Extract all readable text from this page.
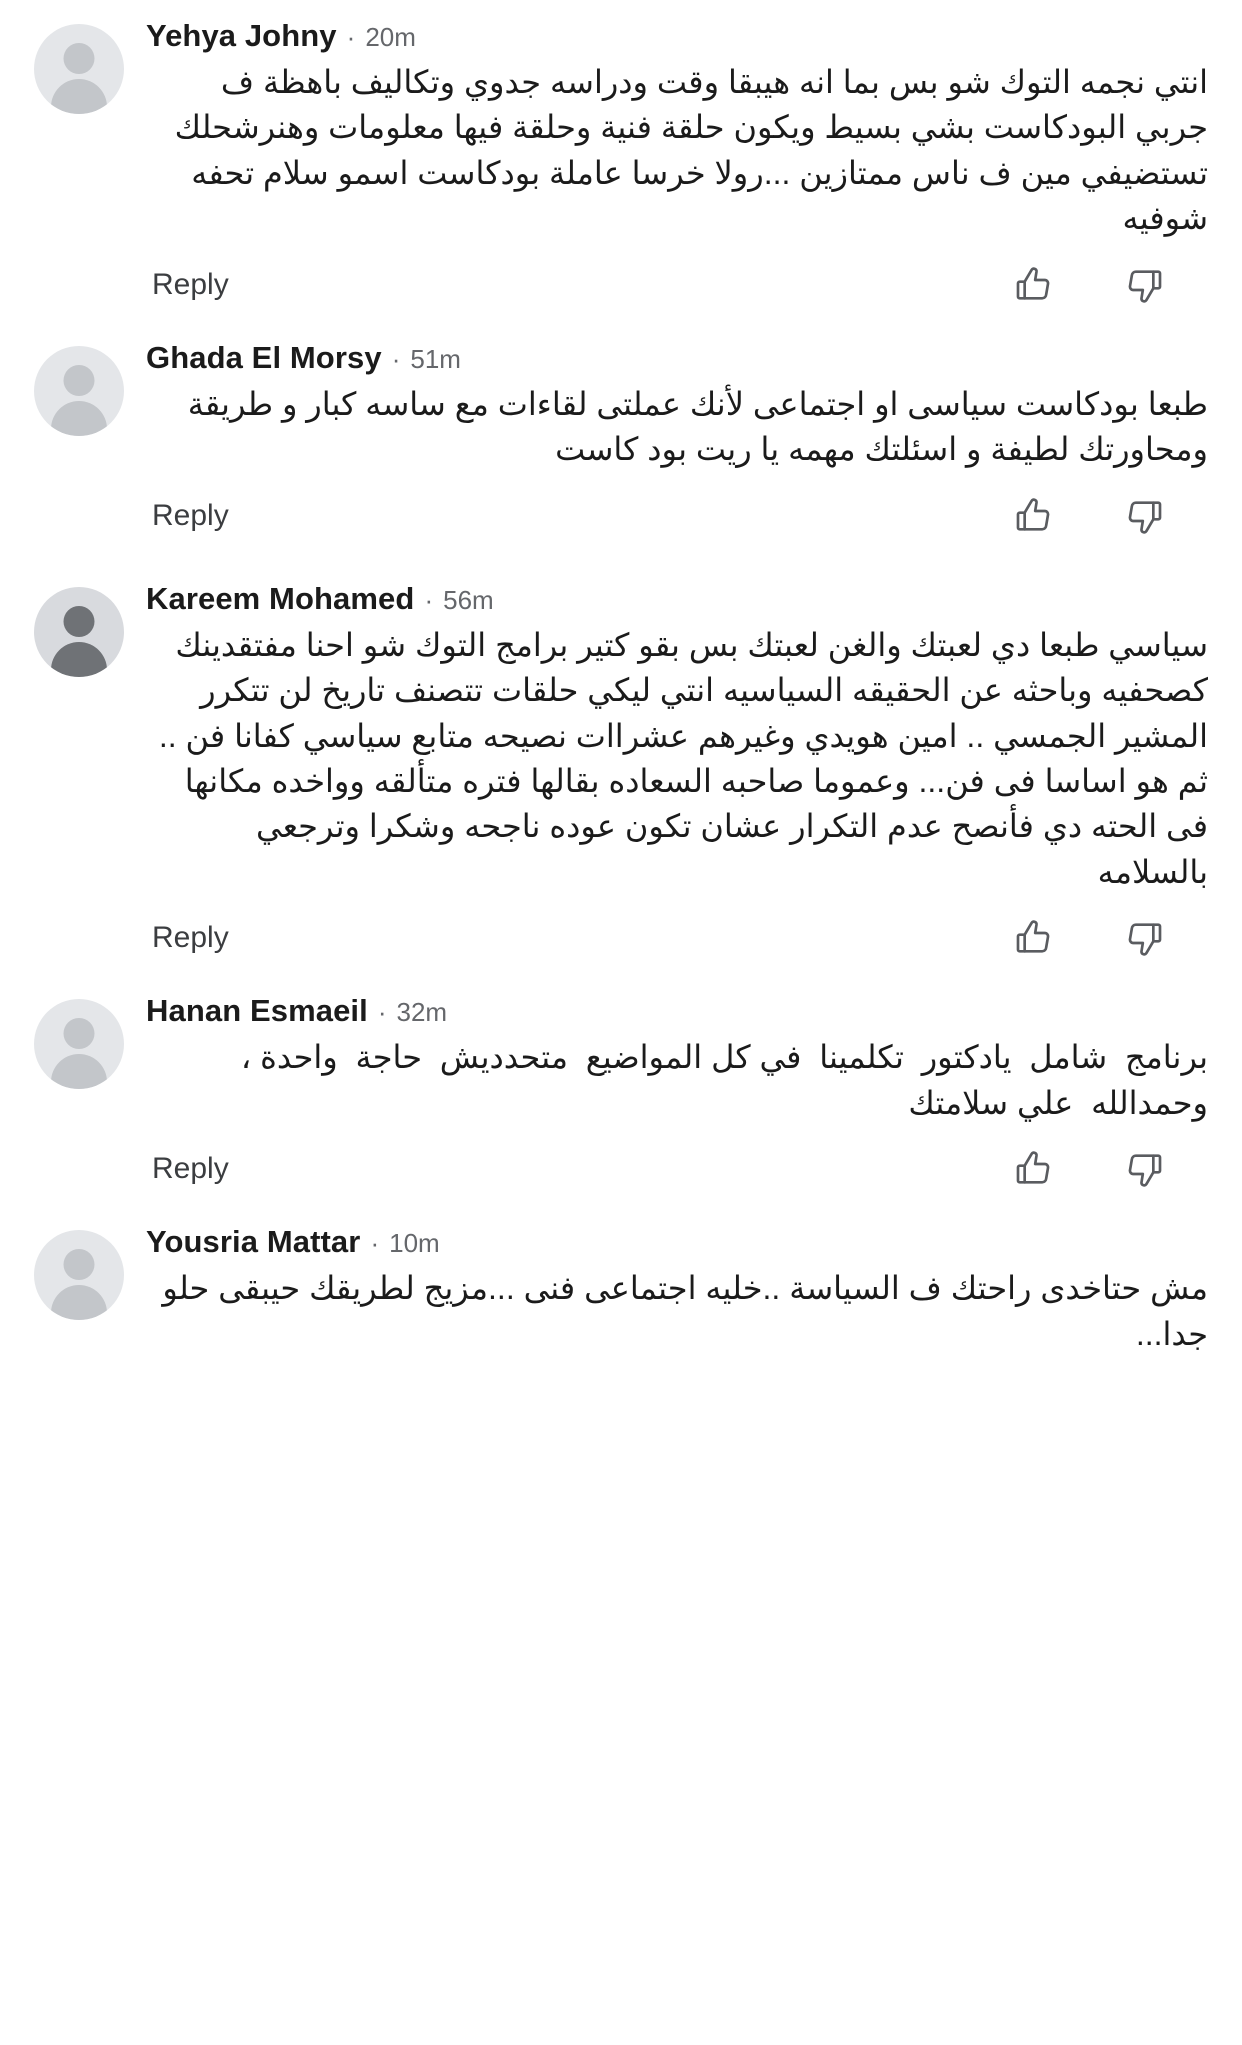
Yehya Johny · 20m
انتي نجمه التوك شو بس بما انه هيبقا وقت ودراسه جدوي وتكاليف باهظة ف جربي البودكاست بشي بسيط ويكون حلقة فنية وحلقة فيها معلومات وهنرشحلك تستضيفي مين ف ناس ممتازين ...رولا خرسا عاملة بودكاست اسمو سلام تحفه شوفيه
Reply
Ghada El Morsy · 51m
طبعا بودكاست سياسى او اجتماعى لأنك عملتى لقاءات مع ساسه كبار و طريقة ومحاورتك لطيفة و اسئلتك مهمه يا ريت بود كاست
Reply
Kareem Mohamed · 56m
سياسي طبعا دي لعبتك والغن لعبتك بس بقو كتير برامج التوك شو احنا مفتقدينك كصحفيه وباحثه عن الحقيقه السياسيه انتي ليكي حلقات تتصنف تاريخ لن تتكرر المشير الجمسي .. امين هويدي وغيرهم عشراات نصيحه متابع سياسي كفانا فن .. ثم هو اساسا فى فن... وعموما صاحبه السعاده بقالها فتره متألقه وواخده مكانها فى الحته دي فأنصح عدم التكرار عشان تكون عوده ناجحه وشكرا وترجعي بالسلامه
Reply
Hanan Esmaeil · 32m
برنامج  شامل  يادكتور  تكلمينا  في كل المواضيع  متحدديش  حاجة  واحدة ، وحمدالله  علي سلامتك
Reply
Yousria Mattar · 10m
مش حتاخدى راحتك ف السياسة ..خليه اجتماعى فنى ...مزيج لطريقك حيبقى حلو جدا...
